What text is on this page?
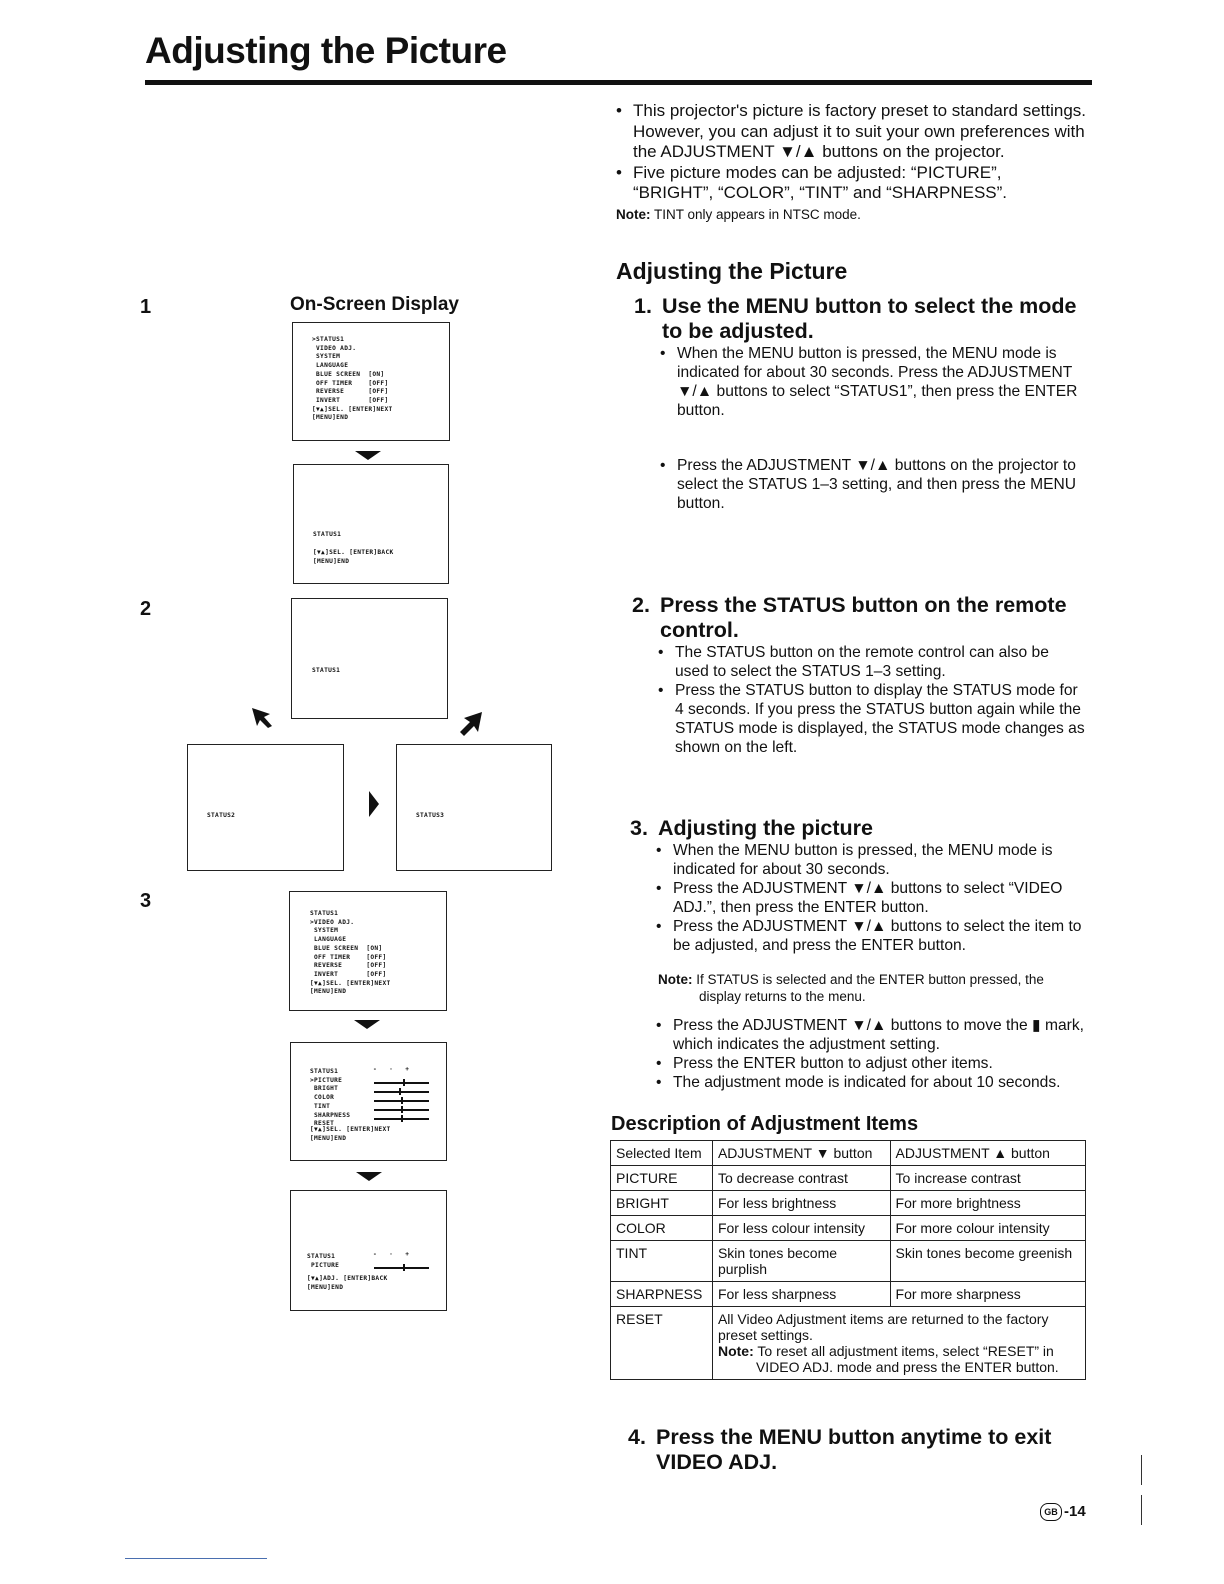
Adjusting the Picture
1
2
3
On-Screen Display
>STATUS1
VIDEO ADJ.
SYSTEM
LANGUAGE
BLUE SCREEN  [ON]
OFF TIMER    [OFF]
REVERSE      [OFF]
INVERT       [OFF]
[▼▲]SEL. [ENTER]NEXT
[MENU]END
STATUS1
[▼▲]SEL. [ENTER]BACK
[MENU]END
STATUS1
STATUS2	STATUS3
STATUS1
>VIDEO ADJ.
SYSTEM
LANGUAGE
BLUE SCREEN  [ON]
OFF TIMER    [OFF]
REVERSE      [OFF]
INVERT       [OFF]
[▼▲]SEL. [ENTER]NEXT
[MENU]END
STATUS1
>PICTURE
BRIGHT
COLOR
TINT
SHARPNESS
RESET
[▼▲]SEL. [ENTER]NEXT
[MENU]END
-   ·   +
STATUS1
PICTURE
[▼▲]ADJ. [ENTER]BACK
[MENU]END
-   ·   +
• This projector's picture is factory preset to standard settings. However, you can adjust it to suit your own preferences with the ADJUSTMENT ▼/▲ buttons on the projector.
• Five picture modes can be adjusted: “PICTURE”, “BRIGHT”, “COLOR”, “TINT” and “SHARPNESS”.
Note: TINT only appears in NTSC mode.
Adjusting the Picture
1. Use the MENU button to select the mode
to be adjusted.
• When the MENU button is pressed, the MENU mode is indicated for about 30 seconds. Press the ADJUSTMENT ▼/▲ buttons to select “STATUS1”, then press the ENTER button.
• Press the ADJUSTMENT ▼/▲ buttons on the projector to select the STATUS 1–3 setting, and then press the MENU button.
2. Press the STATUS button on the remote
control.
• The STATUS button on the remote control can also be used to select the STATUS 1–3 setting.
• Press the STATUS button to display the STATUS mode for 4 seconds. If you press the STATUS button again while the STATUS mode is displayed, the STATUS mode changes as shown on the left.
3. Adjusting the picture
• When the MENU button is pressed, the MENU mode is indicated for about 30 seconds.
• Press the ADJUSTMENT ▼/▲ buttons to select “VIDEO ADJ.”, then press the ENTER button.
• Press the ADJUSTMENT ▼/▲ buttons to select the item to be adjusted, and press the ENTER button.
Note: If STATUS is selected and the ENTER button pressed, the
display returns to the menu.
• Press the ADJUSTMENT ▼/▲ buttons to move the ▮ mark, which indicates the adjustment setting.
• Press the ENTER button to adjust other items.
• The adjustment mode is indicated for about 10 seconds.
Description of Adjustment Items
Selected Item	ADJUSTMENT ▼ button	ADJUSTMENT ▲ button
PICTURE	To decrease contrast	To increase contrast
BRIGHT	For less brightness	For more brightness
COLOR	For less colour intensity	For more colour intensity
TINT	Skin tones become purplish	Skin tones become greenish
SHARPNESS	For less sharpness	For more sharpness
RESET	All Video Adjustment items are returned to the factory preset settings.
Note: To reset all adjustment items, select “RESET” in
VIDEO ADJ. mode and press the ENTER button.	
4. Press the MENU button anytime to exit
VIDEO ADJ.
GB -14
